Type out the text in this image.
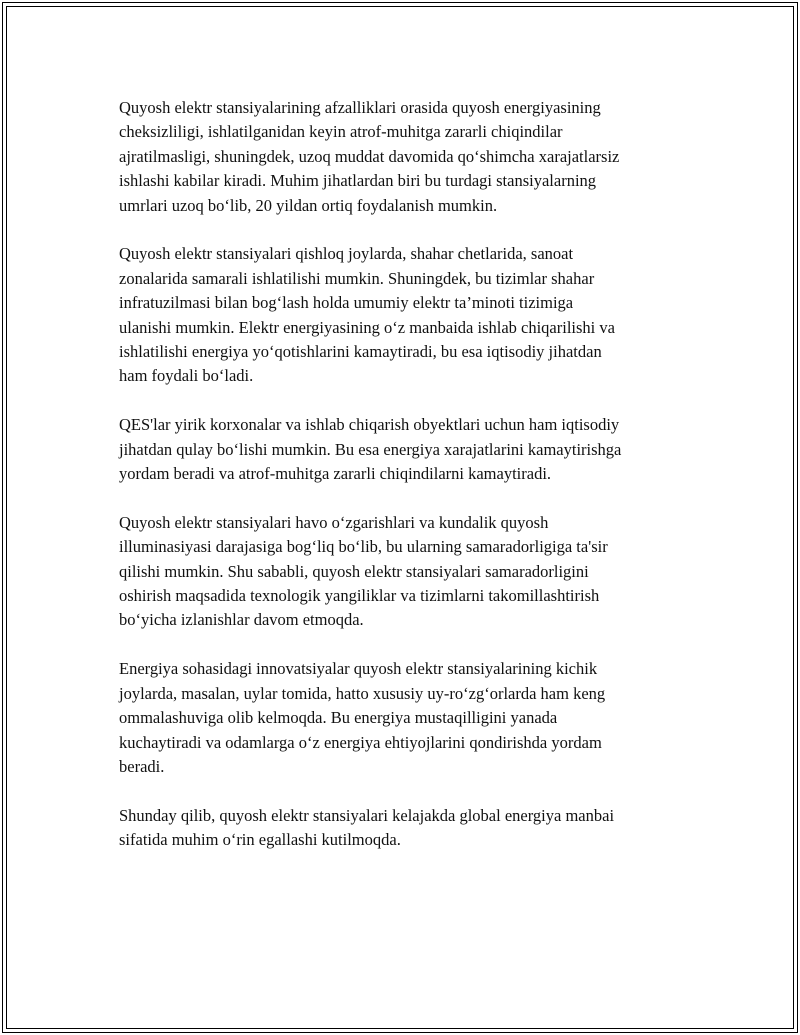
Quyosh elektr stansiyalarining afzalliklari orasida quyosh energiyasining
cheksizliligi, ishlatilganidan keyin atrof-muhitga zararli chiqindilar
ajratilmasligi, shuningdek, uzoq muddat davomida qo‘shimcha xarajatlarsiz
ishlashi kabilar kiradi. Muhim jihatlardan biri bu turdagi stansiyalarning
umrlari uzoq bo‘lib, 20 yildan ortiq foydalanish mumkin.

Quyosh elektr stansiyalari qishloq joylarda, shahar chetlarida, sanoat
zonalarida samarali ishlatilishi mumkin. Shuningdek, bu tizimlar shahar
infratuzilmasi bilan bog‘lash holda umumiy elektr ta’minoti tizimiga
ulanishi mumkin. Elektr energiyasining o‘z manbaida ishlab chiqarilishi va
ishlatilishi energiya yo‘qotishlarini kamaytiradi, bu esa iqtisodiy jihatdan
ham foydali bo‘ladi.

QES'lar yirik korxonalar va ishlab chiqarish obyektlari uchun ham iqtisodiy
jihatdan qulay bo‘lishi mumkin. Bu esa energiya xarajatlarini kamaytirishga
yordam beradi va atrof-muhitga zararli chiqindilarni kamaytiradi.

Quyosh elektr stansiyalari havo o‘zgarishlari va kundalik quyosh
illuminasiyasi darajasiga bog‘liq bo‘lib, bu ularning samaradorligiga ta'sir
qilishi mumkin. Shu sababli, quyosh elektr stansiyalari samaradorligini
oshirish maqsadida texnologik yangiliklar va tizimlarni takomillashtirish
bo‘yicha izlanishlar davom etmoqda.

Energiya sohasidagi innovatsiyalar quyosh elektr stansiyalarining kichik
joylarda, masalan, uylar tomida, hatto xususiy uy-ro‘zg‘orlarda ham keng
ommalashuviga olib kelmoqda. Bu energiya mustaqilligini yanada
kuchaytiradi va odamlarga o‘z energiya ehtiyojlarini qondirishda yordam
beradi.

Shunday qilib, quyosh elektr stansiyalari kelajakda global energiya manbai
sifatida muhim o‘rin egallashi kutilmoqda.
